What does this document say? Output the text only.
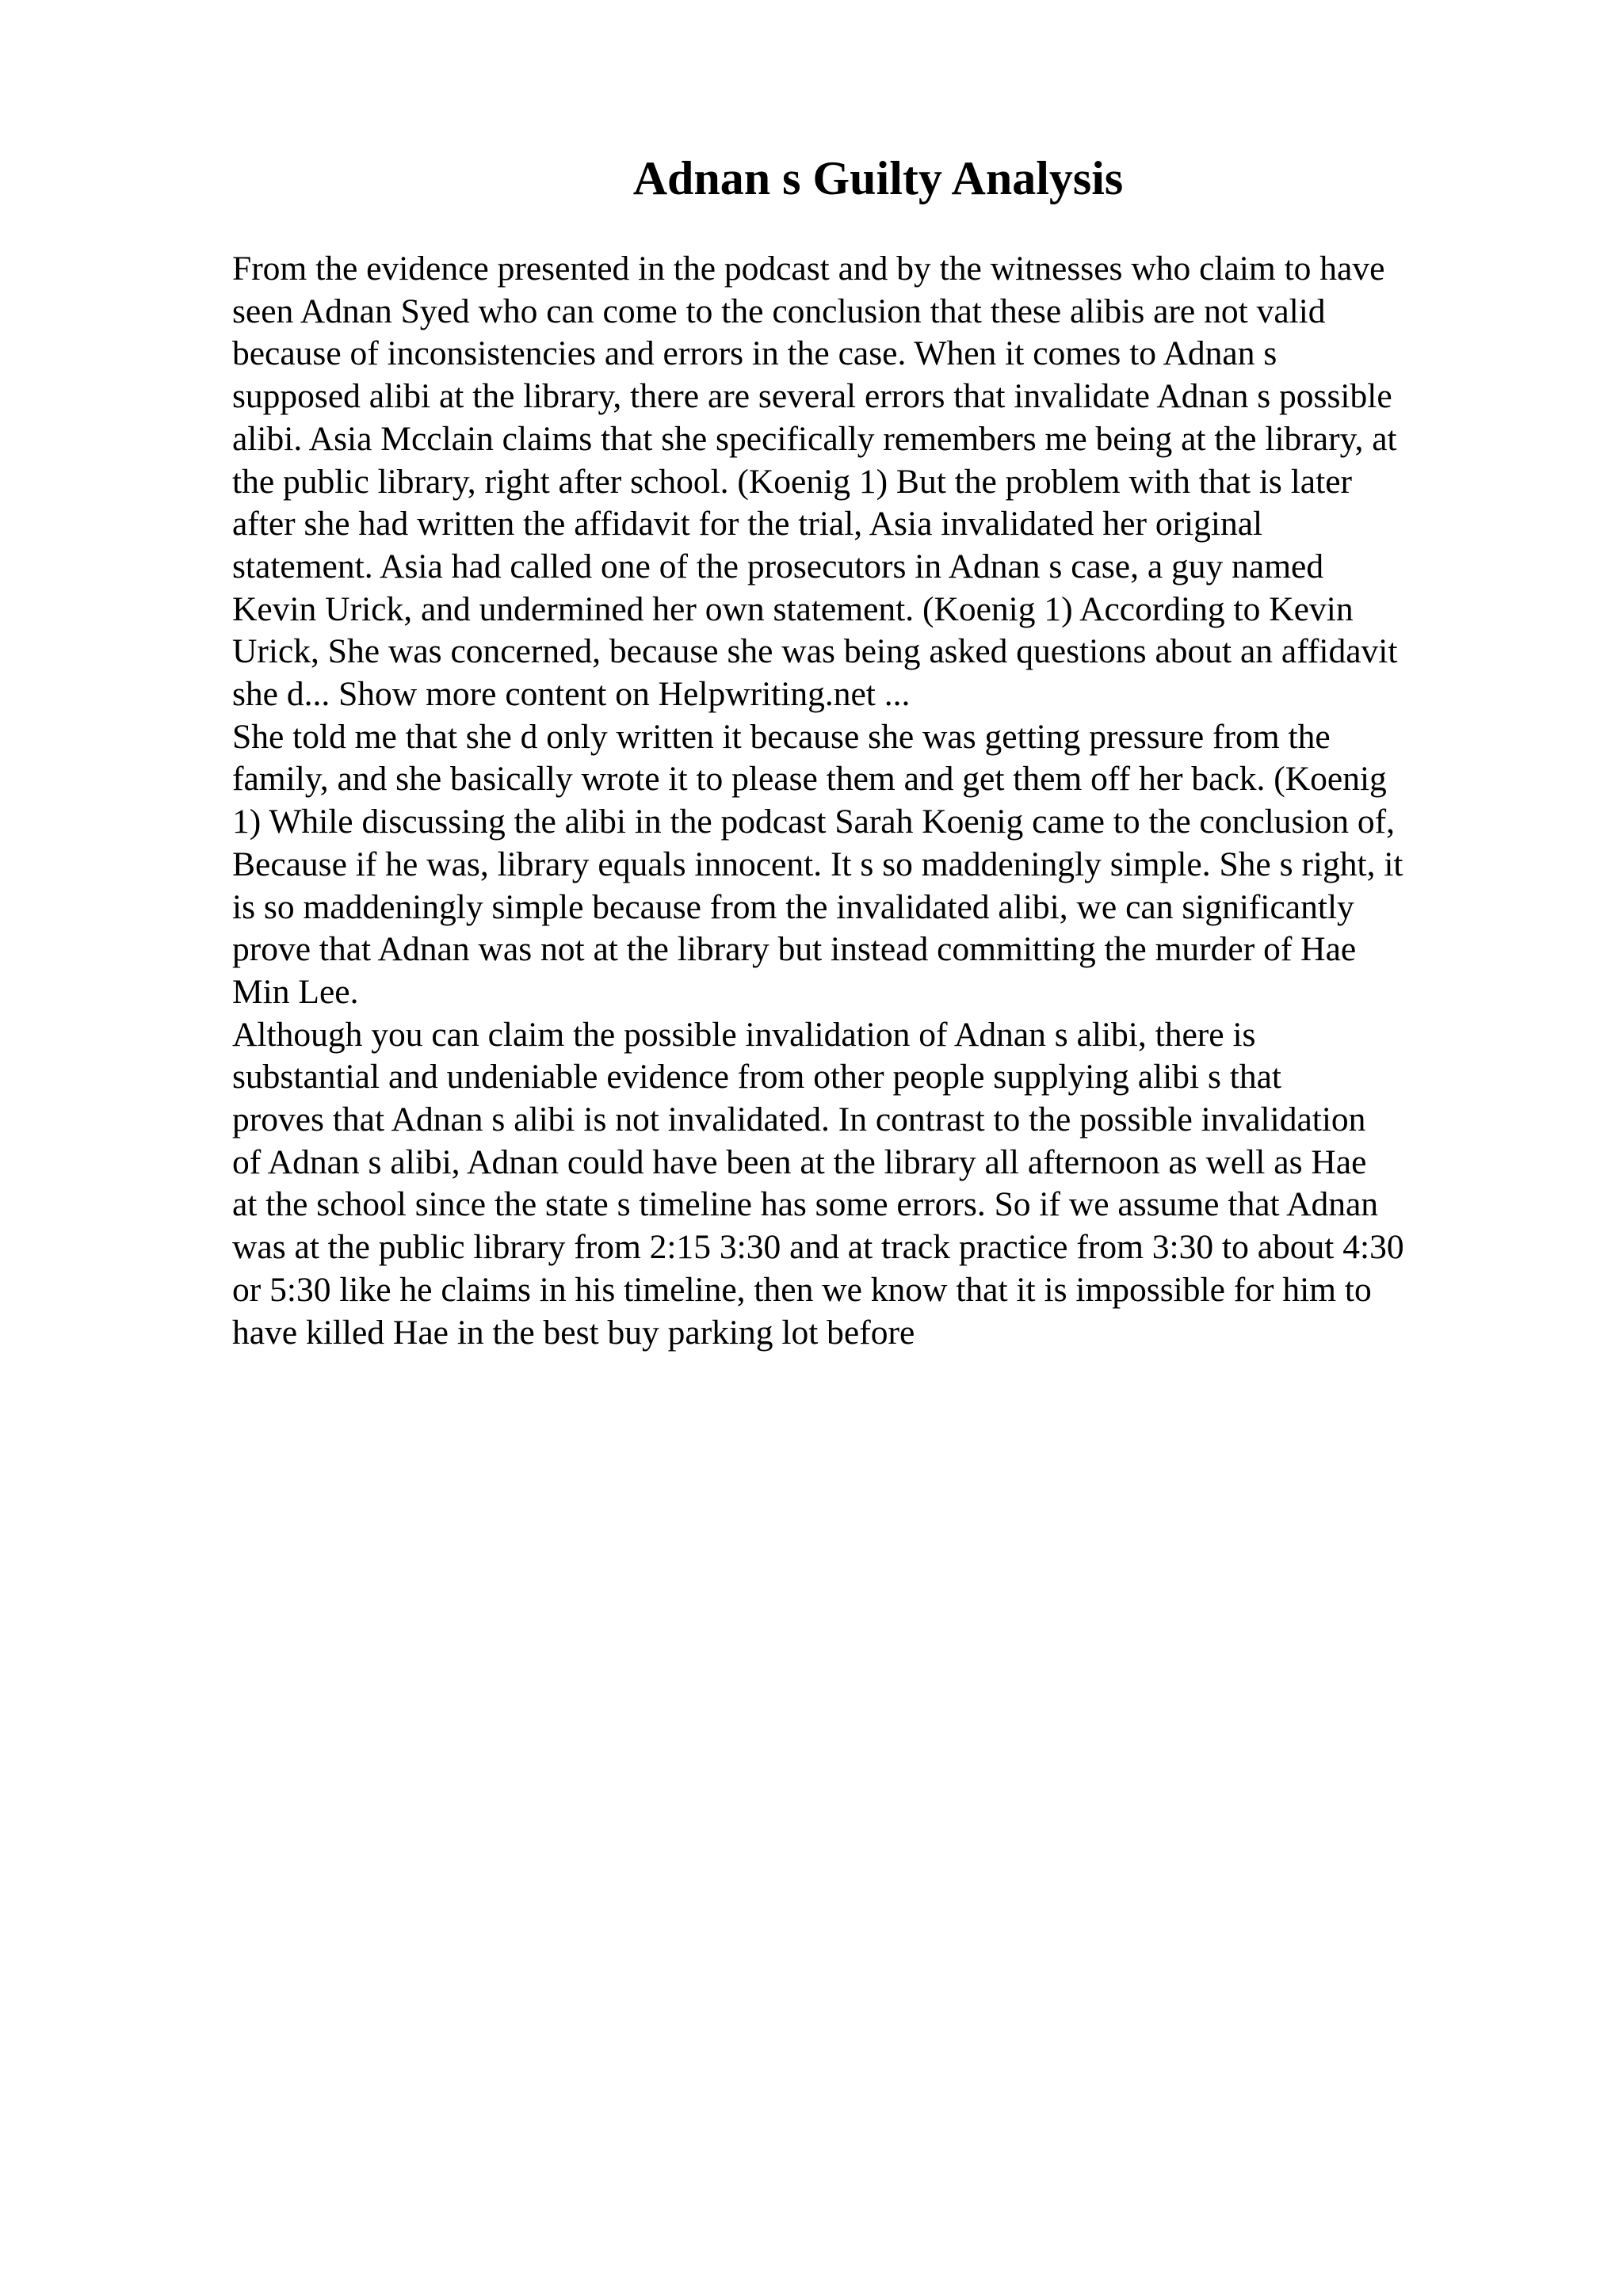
Adnan s Guilty Analysis
From the evidence presented in the podcast and by the witnesses who claim to have
seen Adnan Syed who can come to the conclusion that these alibis are not valid
because of inconsistencies and errors in the case. When it comes to Adnan s
supposed alibi at the library, there are several errors that invalidate Adnan s possible
alibi. Asia Mcclain claims that she specifically remembers me being at the library, at
the public library, right after school. (Koenig 1) But the problem with that is later
after she had written the affidavit for the trial, Asia invalidated her original
statement. Asia had called one of the prosecutors in Adnan s case, a guy named
Kevin Urick, and undermined her own statement. (Koenig 1) According to Kevin
Urick, She was concerned, because she was being asked questions about an affidavit
she d... Show more content on Helpwriting.net ...
She told me that she d only written it because she was getting pressure from the
family, and she basically wrote it to please them and get them off her back. (Koenig
1) While discussing the alibi in the podcast Sarah Koenig came to the conclusion of,
Because if he was, library equals innocent. It s so maddeningly simple. She s right, it
is so maddeningly simple because from the invalidated alibi, we can significantly
prove that Adnan was not at the library but instead committing the murder of Hae
Min Lee.
Although you can claim the possible invalidation of Adnan s alibi, there is
substantial and undeniable evidence from other people supplying alibi s that
proves that Adnan s alibi is not invalidated. In contrast to the possible invalidation
of Adnan s alibi, Adnan could have been at the library all afternoon as well as Hae
at the school since the state s timeline has some errors. So if we assume that Adnan
was at the public library from 2:15 3:30 and at track practice from 3:30 to about 4:30
or 5:30 like he claims in his timeline, then we know that it is impossible for him to
have killed Hae in the best buy parking lot before
